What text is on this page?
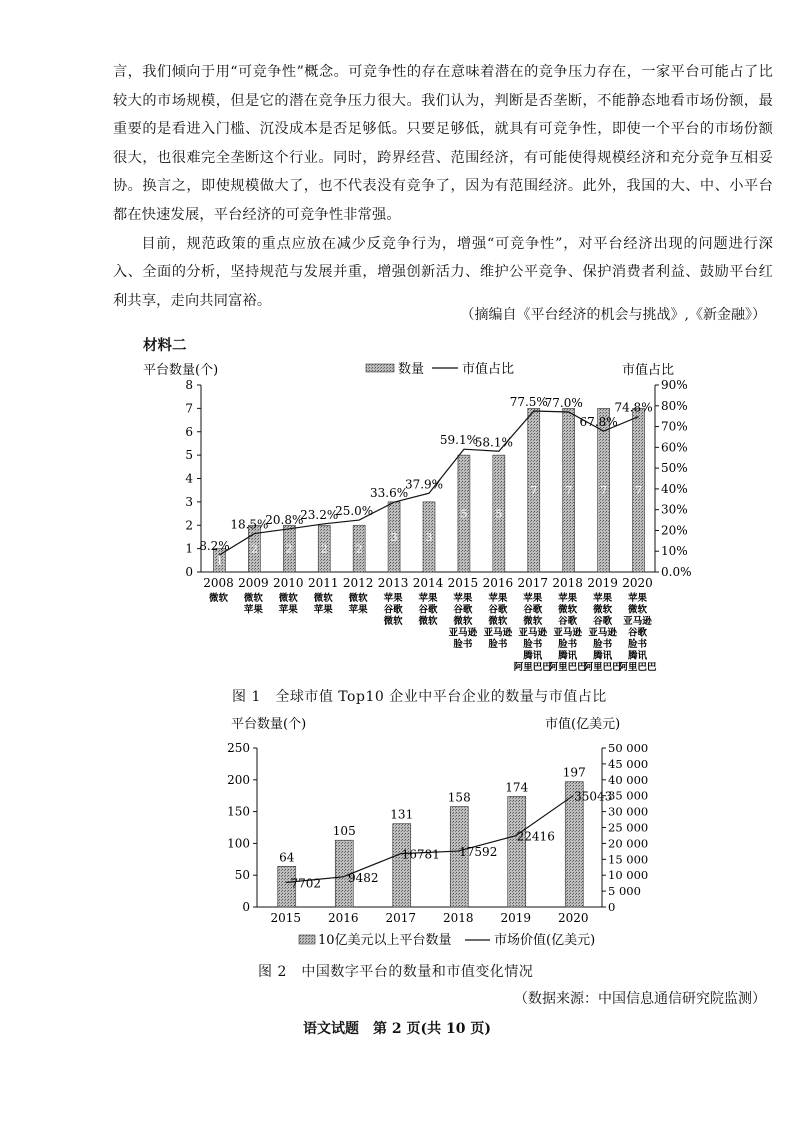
言，我们倾向于用“可竞争性”概念。可竞争性的存在意味着潜在的竞争压力存在，一家平台可能占了比较大的市场规模，但是它的潜在竞争压力很大。我们认为，判断是否垄断，不能静态地看市场份额，最重要的是看进入门槛、沉没成本是否足够低。只要足够低，就具有可竞争性，即使一个平台的市场份额很大，也很难完全垄断这个行业。同时，跨界经营、范围经济，有可能使得规模经济和充分竞争互相妥协。换言之，即使规模做大了，也不代表没有竞争了，因为有范围经济。此外，我国的大、中、小平台都在快速发展，平台经济的可竞争性非常强。

目前，规范政策的重点应放在减少反竞争行为，增强“可竞争性”，对平台经济出现的问题进行深入、全面的分析，坚持规范与发展并重，增强创新活力、维护公平竞争、保护消费者利益、鼓励平台红利共享，走向共同富裕。

（摘编自《平台经济的机会与挑战》,《新金融》）
材料二
平台数量(个)	市值占比
数量	市值占比
0
1
2
3
4
5
6
7
8
0.0%
10%
20%
30%
40%
50%
60%
70%
80%
90%
1
2	2	2	2
3	3
5	5
7	7	7	7
8.2%
18.5%
20.8%
23.2%
25.0%
33.6%
37.9%
59.1%
58.1%
77.5%
77.0%
67.8%
74.8%
2008
微软
2009
微软
苹果
2010
微软
苹果
2011
微软
苹果
2012
微软
苹果
2013
苹果
谷歌
微软
2014
苹果
谷歌
微软
2015
苹果
谷歌
微软
亚马逊
脸书
2016
苹果
谷歌
微软
亚马逊
脸书
2017
苹果
谷歌
微软
亚马逊
脸书
腾讯
阿里巴巴
2018
苹果
微软
谷歌
亚马逊
脸书
腾讯
阿里巴巴
2019
苹果
微软
谷歌
亚马逊
脸书
腾讯
阿里巴巴
2020
苹果
微软
亚马逊
谷歌
脸书
腾讯
阿里巴巴
图 1　全球市值 Top10 企业中平台企业的数量与市值占比
平台数量(个)	市值(亿美元)
0
50
100
150
200
250
0
5 000
10 000
15 000
20 000
25 000
30 000
35 000
40 000
45 000
50 000
64
105
131
158
174
197
7702 9482
16781 17592
22416
35043
2015 2016 2017 2018 2019 2020
10亿美元以上平台数量	市场价值(亿美元)
图 2　中国数字平台的数量和市值变化情况
（数据来源：中国信息通信研究院监测）
语文试题　第 2 页(共 10 页)
